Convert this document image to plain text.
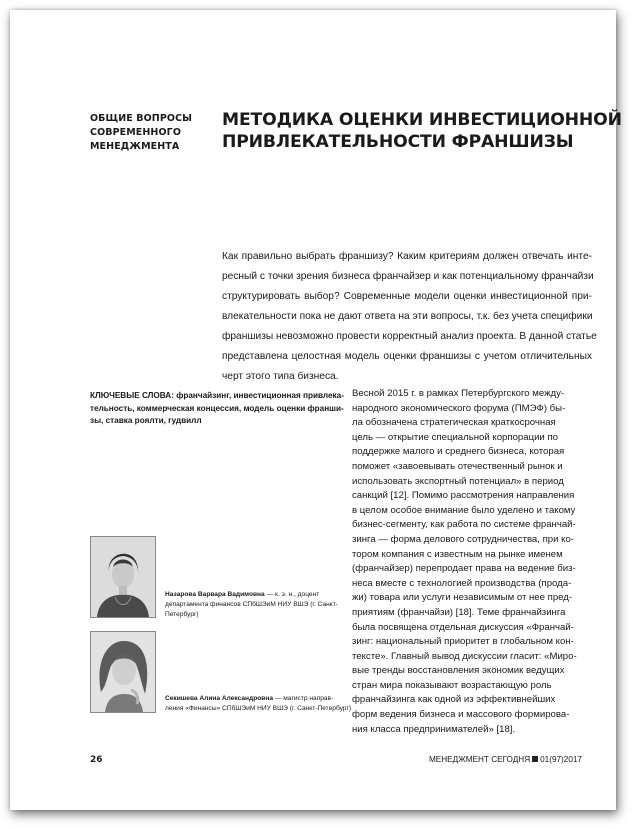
ОБЩИЕ ВОПРОСЫ
СОВРЕМЕННОГО
МЕНЕДЖМЕНТА
МЕТОДИКА ОЦЕНКИ ИНВЕСТИЦИОННОЙ
ПРИВЛЕКАТЕЛЬНОСТИ ФРАНШИЗЫ
Как правильно выбрать франшизу? Каким критериям должен отвечать инте-
ресный с точки зрения бизнеса франчайзер и как потенциальному франчайзи
структурировать выбор? Современные модели оценки инвестиционной при-
влекательности пока не дают ответа на эти вопросы, т.к. без учета специфики
франшизы невозможно провести корректный анализ проекта. В данной статье
представлена целостная модель оценки франшизы с учетом отличительных
черт этого типа бизнеса.
КЛЮЧЕВЫЕ СЛОВА: франчайзинг, инвестиционная привлека-
тельность, коммерческая концессия, модель оценки франши-
зы, ставка роялти, гудвилл
Весной 2015 г. в рамках Петербургского между-
народного экономического форума (ПМЭФ) бы-
ла обозначена стратегическая краткосрочная
цель — открытие специальной корпорации по
поддержке малого и среднего бизнеса, которая
поможет «завоевывать отечественный рынок и
использовать экспортный потенциал» в период
санкций [12]. Помимо рассмотрения направления
в целом особое внимание было уделено и такому
бизнес-сегменту, как работа по системе франчай-
зинга — форма делового сотрудничества, при ко-
тором компания с известным на рынке именем
(франчайзер) перепродает права на ведение биз-
неса вместе с технологией производства (прода-
жи) товара или услуги независимым от нее пред-
приятиям (франчайзи) [18]. Теме франчайзинга
была посвящена отдельная дискуссия «Франчай-
зинг: национальный приоритет в глобальном кон-
тексте». Главный вывод дискуссии гласит: «Миро-
вые тренды восстановления экономик ведущих
стран мира показывают возрастающую роль
франчайзинга как одной из эффективнейших
форм ведения бизнеса и массового формирова-
ния класса предпринимателей» [18].
Назарова Варвара Вадимовна — к. э. н., доцент
департамента финансов СПбШЭиМ НИУ ВШЭ (г. Санкт-
Петербург)
Секишева Алина Александровна — магистр направ-
ления «Финансы» СПбШЭиМ НИУ ВШЭ (г. Санкт-Петербург)
26	МЕНЕДЖМЕНТ СЕГОДНЯ 01(97)2017
